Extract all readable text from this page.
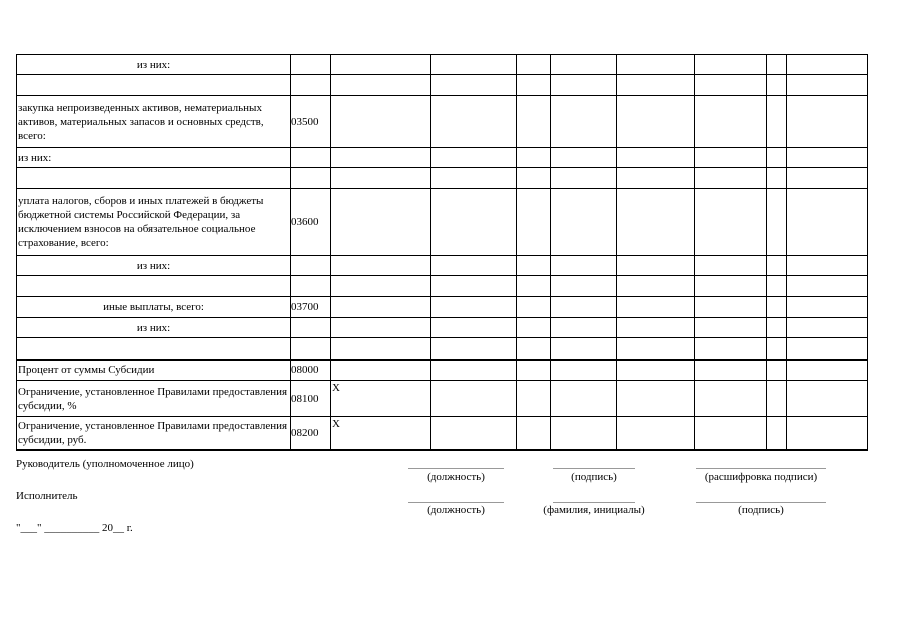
из них:									

закупка непроизведенных активов, нематериальных активов, материальных запасов и основных средств, всего:	03500								
из них:									

уплата налогов, сборов и иных платежей в бюджеты бюджетной системы Российской Федерации, за исключением взносов на обязательное социальное страхование, всего:	03600								
из них:									

иные выплаты, всего:	03700								
из них:									

Процент от суммы Субсидии	08000								
Ограничение, установленное Правилами предоставления субсидии, %	08100	X							
Ограничение, установленное Правилами предоставления субсидии, руб.	08200	X							
Руководитель (уполномоченное лицо)
(должность)	(подпись)	(расшифровка подписи)
Исполнитель
(должность)	(фамилия, инициалы)	(подпись)
"___" __________ 20__ г.
